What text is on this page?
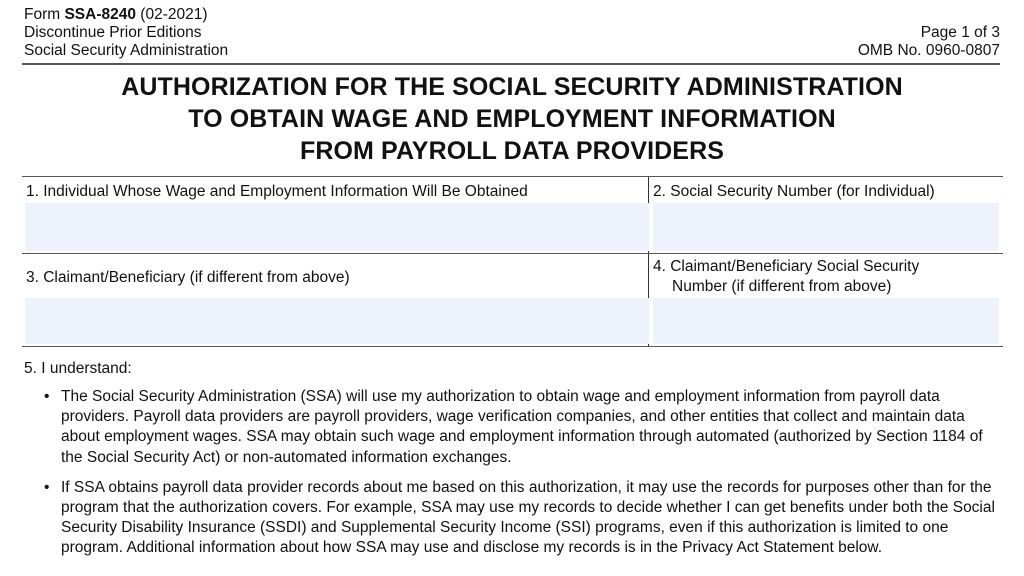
Form SSA-8240 (02-2021)
Discontinue Prior Editions
Social Security Administration
Page 1 of 3
OMB No. 0960-0807
AUTHORIZATION FOR THE SOCIAL SECURITY ADMINISTRATION
TO OBTAIN WAGE AND EMPLOYMENT INFORMATION
FROM PAYROLL DATA PROVIDERS
1. Individual Whose Wage and Employment Information Will Be Obtained	2. Social Security Number (for Individual)
3. Claimant/Beneficiary (if different from above)
4. Claimant/Beneficiary Social Security
Number (if different from above)
5. I understand:
• The Social Security Administration (SSA) will use my authorization to obtain wage and employment information from payroll data providers. Payroll data providers are payroll providers, wage verification companies, and other entities that collect and maintain data about employment wages. SSA may obtain such wage and employment information through automated (authorized by Section 1184 of the Social Security Act) or non-automated information exchanges.
• If SSA obtains payroll data provider records about me based on this authorization, it may use the records for purposes other than for the program that the authorization covers. For example, SSA may use my records to decide whether I can get benefits under both the Social Security Disability Insurance (SSDI) and Supplemental Security Income (SSI) programs, even if this authorization is limited to one program. Additional information about how SSA may use and disclose my records is in the Privacy Act Statement below.
